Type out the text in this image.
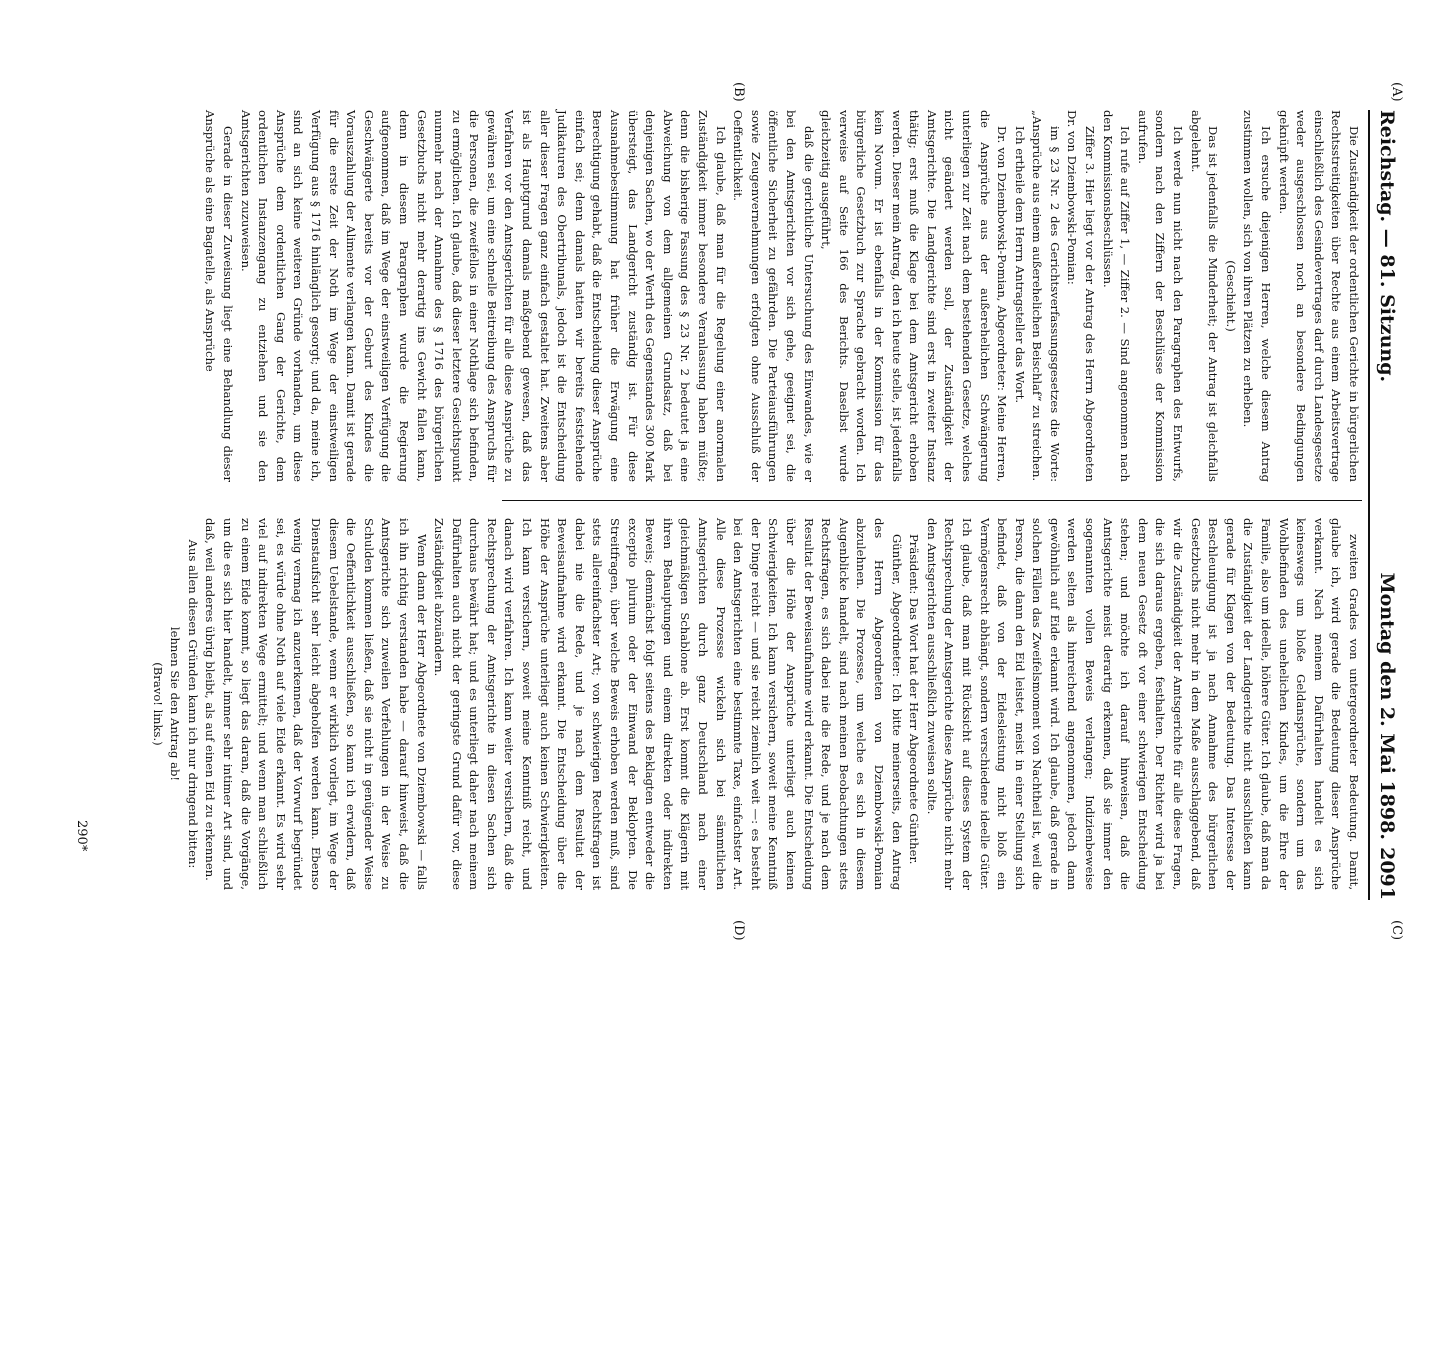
Reichstag. — 81. Sitzung.
Montag den 2. Mai 1898.
2091
(A)
(B)
(C)
(D)

Die Zuständigkeit der ordentlichen Gerichte in bürgerlichen Rechtsstreitigkeiten über Rechte aus einem Arbeitsvertrage einschließlich des Gesindevertrages darf durch Landesgesetze weder ausgeschlossen noch an besondere Bedingungen geknüpft werden.

Ich ersuche diejenigen Herren, welche diesem Antrag zustimmen wollen, sich von ihren Plätzen zu erheben.

(Geschieht.)

Das ist jedenfalls die Minderheit; der Antrag ist gleichfalls abgelehnt.

Ich werde nun nicht nach den Paragraphen des Entwurfs, sondern nach den Ziffern der Beschlüsse der Kommission aufrufen.

Ich rufe auf Ziffer 1, — Ziffer 2. — Sind angenommen nach den Kommissionsbeschlüssen.

Ziffer 3. Hier liegt vor der Antrag des Herrn Abgeordneten Dr. von Dziembowski-Pomian:

im § 23 Nr. 2 des Gerichtsverfassungsgesetzes die Worte: „Ansprüche aus einem außerehelichen Beischlaf“ zu streichen.

Ich ertheile dem Herrn Antragsteller das Wort.

Dr. von Dziembowski-Pomian, Abgeordneter: Meine Herren, die Ansprüche aus der außerehelichen Schwängerung unterliegen zur Zeit nach dem bestehenden Gesetze, welches nicht geändert werden soll, der Zuständigkeit der Amtsgerichte. Die Landgerichte sind erst in zweiter Instanz thätig; erst muß die Klage bei dem Amtsgericht erhoben werden. Dieser mein Antrag, den ich heute stelle, ist jedenfalls kein Novum. Er ist ebenfalls in der Kommission für das bürgerliche Gesetzbuch zur Sprache gebracht worden. Ich verweise auf Seite 166 des Berichts. Daselbst wurde gleichzeitig ausgeführt,

daß die gerichtliche Untersuchung des Einwandes, wie er bei den Amtsgerichten vor sich gehe, geeignet sei, die öffentliche Sicherheit zu gefährden. Die Parteiausführungen sowie Zeugenvernehmungen erfolgten ohne Ausschluß der Oeffentlichkeit.

Ich glaube, daß man für die Regelung einer anormalen Zuständigkeit immer besondere Veranlassung haben müßte; denn die bisherige Fassung des § 23 Nr. 2 bedeutet ja eine Abweichung von dem allgemeinen Grundsatz, daß bei denjenigen Sachen, wo der Werth des Gegenstandes 300 Mark übersteigt, das Landgericht zuständig ist. Für diese Ausnahmebestimmung hat früher die Erwägung eine Berechtigung gehabt, daß die Entscheidung dieser Ansprüche einfach sei; denn damals hatten wir bereits feststehende Judikaturen des Obertribunals, jedoch ist die Entscheidung aller dieser Fragen ganz einfach gestaltet hat. Zweitens aber ist als Hauptgrund damals maßgebend gewesen, daß das Verfahren vor den Amtsgerichten für alle diese Ansprüche zu gewähren sei, um eine schnelle Beitreibung des Anspruchs für die Personen, die zweifellos in einer Nothlage sich befinden, zu ermöglichen. Ich glaube, daß dieser letztere Gesichtspunkt nunmehr nach der Annahme des § 1716 des bürgerlichen Gesetzbuchs nicht mehr derartig ins Gewicht fallen kann, denn in diesem Paragraphen wurde die Regierung aufgenommen, daß im Wege der einstweiligen Verfügung die Geschwängerte bereits vor der Geburt des Kindes die Vorauszahlung der Alimente verlangen kann. Damit ist gerade für die erste Zeit der Noth im Wege der einstweiligen Verfügung aus § 1716 hinlänglich gesorgt; und da, meine ich, sind an sich keine weiteren Gründe vorhanden, um diese Ansprüche dem ordentlichen Gang der Gerichte, dem ordentlichen Instanzengang zu entziehen und sie den Amtsgerichten zuzuweisen.

Gerade in dieser Zuweisung liegt eine Behandlung dieser Ansprüche als eine Bagatelle, als Ansprüche

zweiten Grades von untergeordneter Bedeutung. Damit, glaube ich, wird gerade die Bedeutung dieser Ansprüche verkannt. Nach meinem Dafürhalten handelt es sich keineswegs um bloße Geldansprüche, sondern um das Wohlbefinden des unehelichen Kindes, um die Ehre der Familie, also um ideelle, höhere Güter. Ich glaube, daß man da die Zuständigkeit der Landgerichte nicht ausschließen kann gerade für Klagen von der Bedeutung. Das Interesse der Beschleunigung ist ja nach Annahme des bürgerlichen Gesetzbuchs nicht mehr in dem Maße ausschlaggebend, daß wir die Zuständigkeit der Amtsgerichte für alle diese Fragen, die sich daraus ergeben, festhalten. Der Richter wird ja bei dem neuen Gesetz oft vor einer schwierigen Entscheidung stehen; und möchte ich darauf hinweisen, daß die Amtsgerichte meist derartig erkennen, daß sie immer den sogenannten vollen Beweis verlangen; Indizienbeweise werden selten als hinreichend angenommen, jedoch dann gewöhnlich auf Eide erkannt wird. Ich glaube, daß gerade in solchen Fällen das Zweifelsmoment von Nachtheil ist, weil die Person, die dann den Eid leistet, meist in einer Stellung sich befindet, daß von der Eidesleistung nicht bloß ein Vermögensrecht abhängt, sondern verschiedene ideelle Güter. Ich glaube, daß man mit Rücksicht auf dieses System der Rechtsprechung der Amtsgerichte diese Ansprüche nicht mehr den Amtsgerichten ausschließlich zuweisen sollte.

Präsident: Das Wort hat der Herr Abgeordnete Günther.

Günther, Abgeordneter: Ich bitte meinerseits, den Antrag des Herrn Abgeordneten von Dziembowski-Pomian abzulehnen. Die Prozesse, um welche es sich in diesem Augenblicke handelt, sind nach meinen Beobachtungen stets Rechtsfragen, es sich dabei nie die Rede, und je nach dem Resultat der Beweisaufnahme wird erkannt. Die Entscheidung über die Höhe der Ansprüche unterliegt auch keinen Schwierigkeiten. Ich kann versichern, soweit meine Kenntniß der Dinge reicht — und sie reicht ziemlich weit —: es besteht bei den Amtsgerichten eine bestimmte Taxe, einfachster Art. Alle diese Prozesse wickeln sich bei sämmtlichen Amtsgerichten durch ganz Deutschland nach einer gleichmäßigen Schablone ab. Erst kommt die Klägerin mit ihren Behauptungen und einem direkten oder indirekten Beweis; demnächst folgt seitens des Beklagten entweder die exceptio plurium oder der Einwand der Beklopten. Die Streitfragen, über welche Beweis erhoben werden muß, sind stets allereinfachster Art; von schwierigen Rechtsfragen ist dabei nie die Rede, und je nach dem Resultat der Beweisaufnahme wird erkannt. Die Entscheidung über die Höhe der Ansprüche unterliegt auch keinen Schwierigkeiten. Ich kann versichern, soweit meine Kenntniß reicht, und danach wird verfahren. Ich kann weiter versichern, daß die Rechtsprechung der Amtsgerichte in diesen Sachen sich durchaus bewährt hat; und es unterliegt daher nach meinem Dafürhalten auch nicht der geringste Grund dafür vor, diese Zuständigkeit abzuändern.

Wenn dann der Herr Abgeordnete von Dziembowski — falls ich ihn richtig verstanden habe — darauf hinweist, daß die Amtsgerichte sich zuweilen Verfehlungen in der Weise zu Schulden kommen ließen, daß sie nicht in genügender Weise die Oeffentlichkeit ausschließen, so kann ich erwidern, daß diesem Uebelstande, wenn er wirklich vorliegt, im Wege der Dienstaufsicht sehr leicht abgeholfen werden kann. Ebenso wenig vermag ich anzuerkennen, daß der Vorwurf begründet sei, es würde ohne Noth auf viele Eide erkannt. Es wird sehr viel auf indirekten Wege ermittelt; und wenn man schließlich zu einem Eide kommt, so liegt das daran, daß die Vorgänge, um die es sich hier handelt, immer sehr intimer Art sind, und daß, weil anderes übrig bleibt, als auf einen Eid zu erkennen.

Aus allen diesen Gründen kann ich nur dringend bitten: lehnen Sie den Antrag ab!

(Bravo! links.)

290*
